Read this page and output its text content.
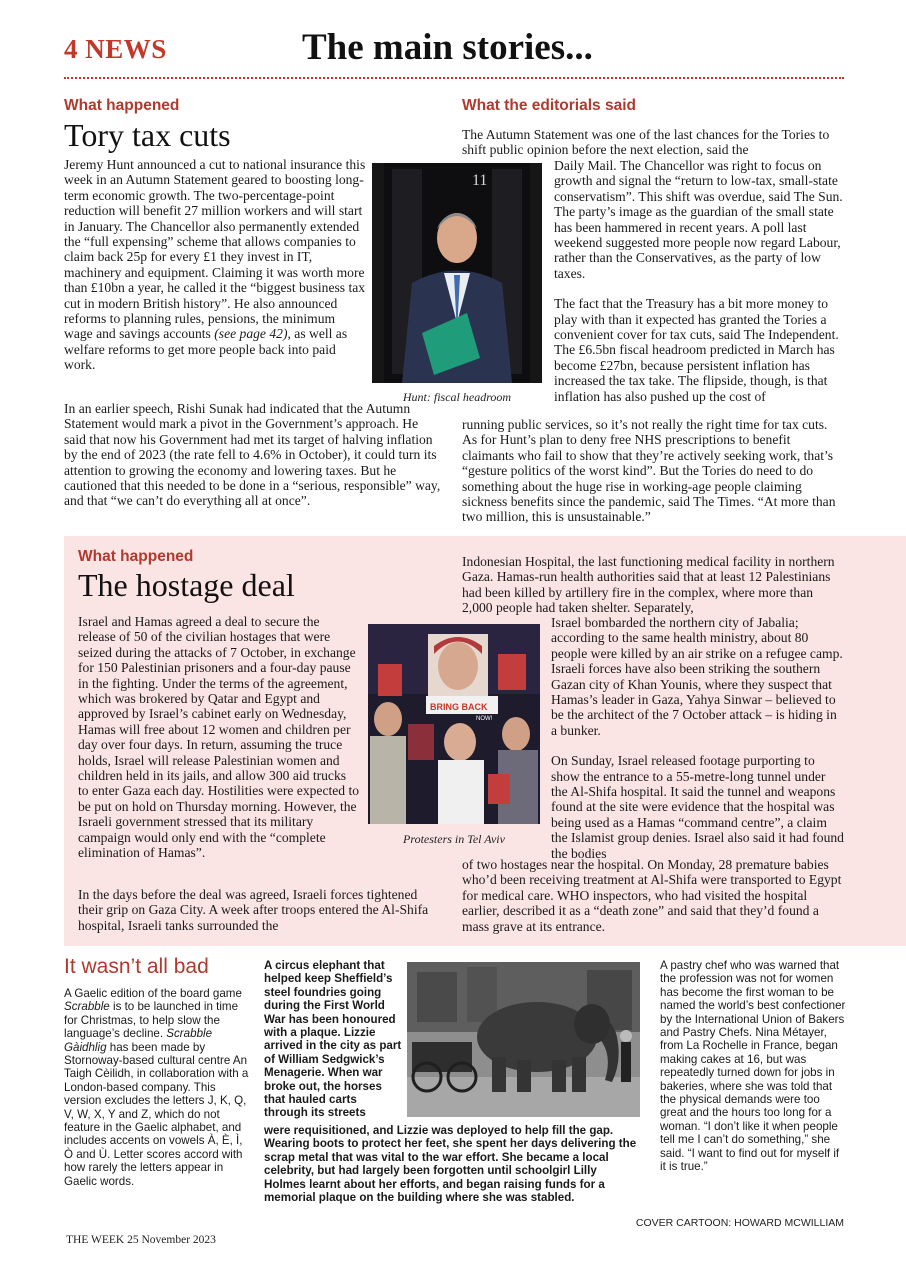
4 NEWS	The main stories...
What happened
Tory tax cuts

Jeremy Hunt announced a cut to national insurance this week in an Autumn Statement geared to boosting long-term economic growth. The two-percentage-point reduction will benefit 27 million workers and will start in January. The Chancellor also permanently extended the “full expensing” scheme that allows companies to claim back 25p for every £1 they invest in IT, machinery and equipment. Claiming it was worth more than £10bn a year, he called it the “biggest business tax cut in modern British history”. He also announced reforms to planning rules, pensions, the minimum wage and savings accounts (see page 42), as well as welfare reforms to get more people back into paid work.

In an earlier speech, Rishi Sunak had indicated that the Autumn Statement would mark a pivot in the Government’s approach. He said that now his Government had met its target of halving inflation by the end of 2023 (the rate fell to 4.6% in October), it could turn its attention to growing the economy and lowering taxes. But he cautioned that this needed to be done in a “serious, responsible” way, and that “we can’t do everything all at once”.

11
Hunt: fiscal headroom
What the editorials said

The Autumn Statement was one of the last chances for the Tories to shift public opinion before the next election, said the

Daily Mail. The Chancellor was right to focus on growth and signal the “return to low-tax, small-state conservatism”. This shift was overdue, said The Sun. The party’s image as the guardian of the small state has been hammered in recent years. A poll last weekend suggested more people now regard Labour, rather than the Conservatives, as the party of low taxes.

The fact that the Treasury has a bit more money to play with than it expected has granted the Tories a convenient cover for tax cuts, said The Independent. The £6.5bn fiscal headroom predicted in March has become £27bn, because persistent inflation has increased the tax take. The flipside, though, is that inflation has also pushed up the cost of

running public services, so it’s not really the right time for tax cuts. As for Hunt’s plan to deny free NHS prescriptions to benefit claimants who fail to show that they’re actively seeking work, that’s “gesture politics of the worst kind”. But the Tories do need to do something about the huge rise in working-age people claiming sickness benefits since the pandemic, said The Times. “At more than two million, this is unsustainable.”

What happened
The hostage deal

Israel and Hamas agreed a deal to secure the release of 50 of the civilian hostages that were seized during the attacks of 7 October, in exchange for 150 Palestinian prisoners and a four-day pause in the fighting. Under the terms of the agreement, which was brokered by Qatar and Egypt and approved by Israel’s cabinet early on Wednesday, Hamas will free about 12 women and children per day over four days. In return, assuming the truce holds, Israel will release Palestinian women and children held in its jails, and allow 300 aid trucks to enter Gaza each day. Hostilities were expected to be put on hold on Thursday morning. However, the Israeli government stressed that its military campaign would only end with the “complete elimination of Hamas”.

In the days before the deal was agreed, Israeli forces tightened their grip on Gaza City. A week after troops entered the Al-Shifa hospital, Israeli tanks surrounded the

BRING BACK
NOW!
Protesters in Tel Aviv

Indonesian Hospital, the last functioning medical facility in northern Gaza. Hamas-run health authorities said that at least 12 Palestinians had been killed by artillery fire in the complex, where more than 2,000 people had taken shelter. Separately,

Israel bombarded the northern city of Jabalia; according to the same health ministry, about 80 people were killed by an air strike on a refugee camp. Israeli forces have also been striking the southern Gazan city of Khan Younis, where they suspect that Hamas’s leader in Gaza, Yahya Sinwar – believed to be the architect of the 7 October attack – is hiding in a bunker.

On Sunday, Israel released footage purporting to show the entrance to a 55-metre-long tunnel under the Al-Shifa hospital. It said the tunnel and weapons found at the site were evidence that the hospital was being used as a Hamas “command centre”, a claim the Islamist group denies. Israel also said it had found the bodies

of two hostages near the hospital. On Monday, 28 premature babies who’d been receiving treatment at Al-Shifa were transported to Egypt for medical care. WHO inspectors, who had visited the hospital earlier, described it as a “death zone” and said that they’d found a mass grave at its entrance.

It wasn’t all bad
A Gaelic edition of the board game Scrabble is to be launched in time for Christmas, to help slow the language’s decline. Scrabble Gàidhlig has been made by Stornoway-based cultural centre An Taigh Cèilidh, in collaboration with a London-based company. This version excludes the letters J, K, Q, V, W, X, Y and Z, which do not feature in the Gaelic alphabet, and includes accents on vowels À, È, Ì, Ò and Ù. Letter scores accord with how rarely the letters appear in Gaelic words.
A circus elephant that helped keep Sheffield’s steel foundries going during the First World War has been honoured with a plaque. Lizzie arrived in the city as part of William Sedgwick’s Menagerie. When war broke out, the horses that hauled carts through its streets
were requisitioned, and Lizzie was deployed to help fill the gap. Wearing boots to protect her feet, she spent her days delivering the scrap metal that was vital to the war effort. She became a local celebrity, but had largely been forgotten until schoolgirl Lilly Holmes learnt about her efforts, and began raising funds for a memorial plaque on the building where she was stabled.
A pastry chef who was warned that the profession was not for women has become the first woman to be named the world’s best confectioner by the International Union of Bakers and Pastry Chefs. Nina Métayer, from La Rochelle in France, began making cakes at 16, but was repeatedly turned down for jobs in bakeries, where she was told that the physical demands were too great and the hours too long for a woman. “I don’t like it when people tell me I can’t do something,” she said. “I want to find out for myself if it is true.”
COVER CARTOON: HOWARD MCWILLIAM
THE WEEK 25 November 2023
